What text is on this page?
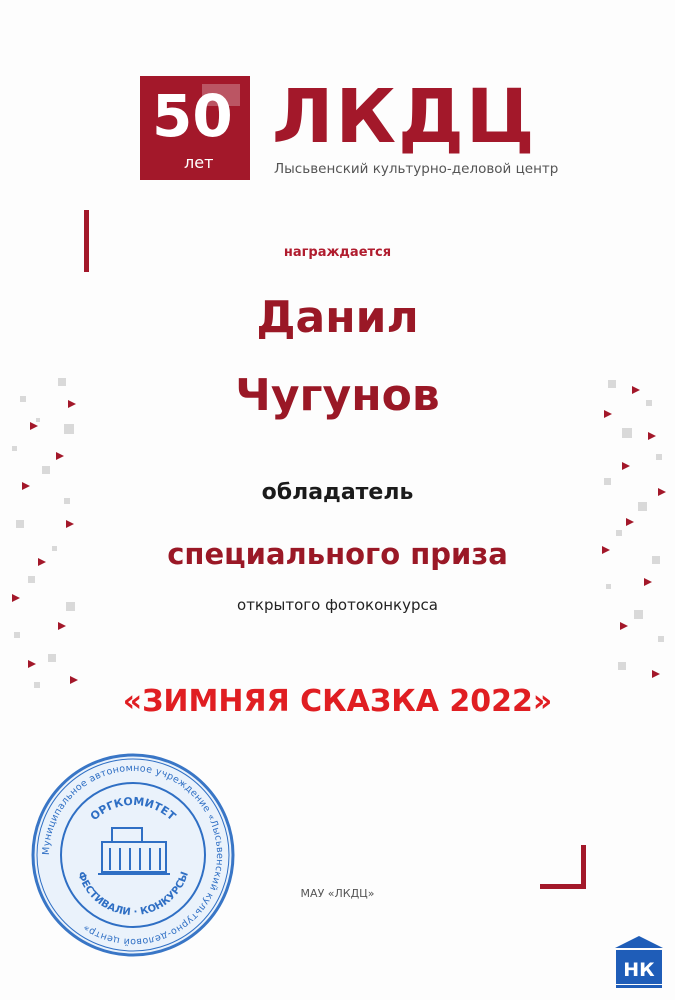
50
лет
ЛКДЦ
Лысьвенский культурно-деловой центр
награждается
Данил
Чугунов
обладатель
специального приза
открытого фотоконкурса
«ЗИМНЯЯ СКАЗКА 2022»
Муниципальное автономное учреждение «Лысьвенский культурно-деловой центр»
ОРГКОМИТЕТ
ФЕСТИВАЛИ · КОНКУРСЫ
МАУ «ЛКДЦ»
НК
